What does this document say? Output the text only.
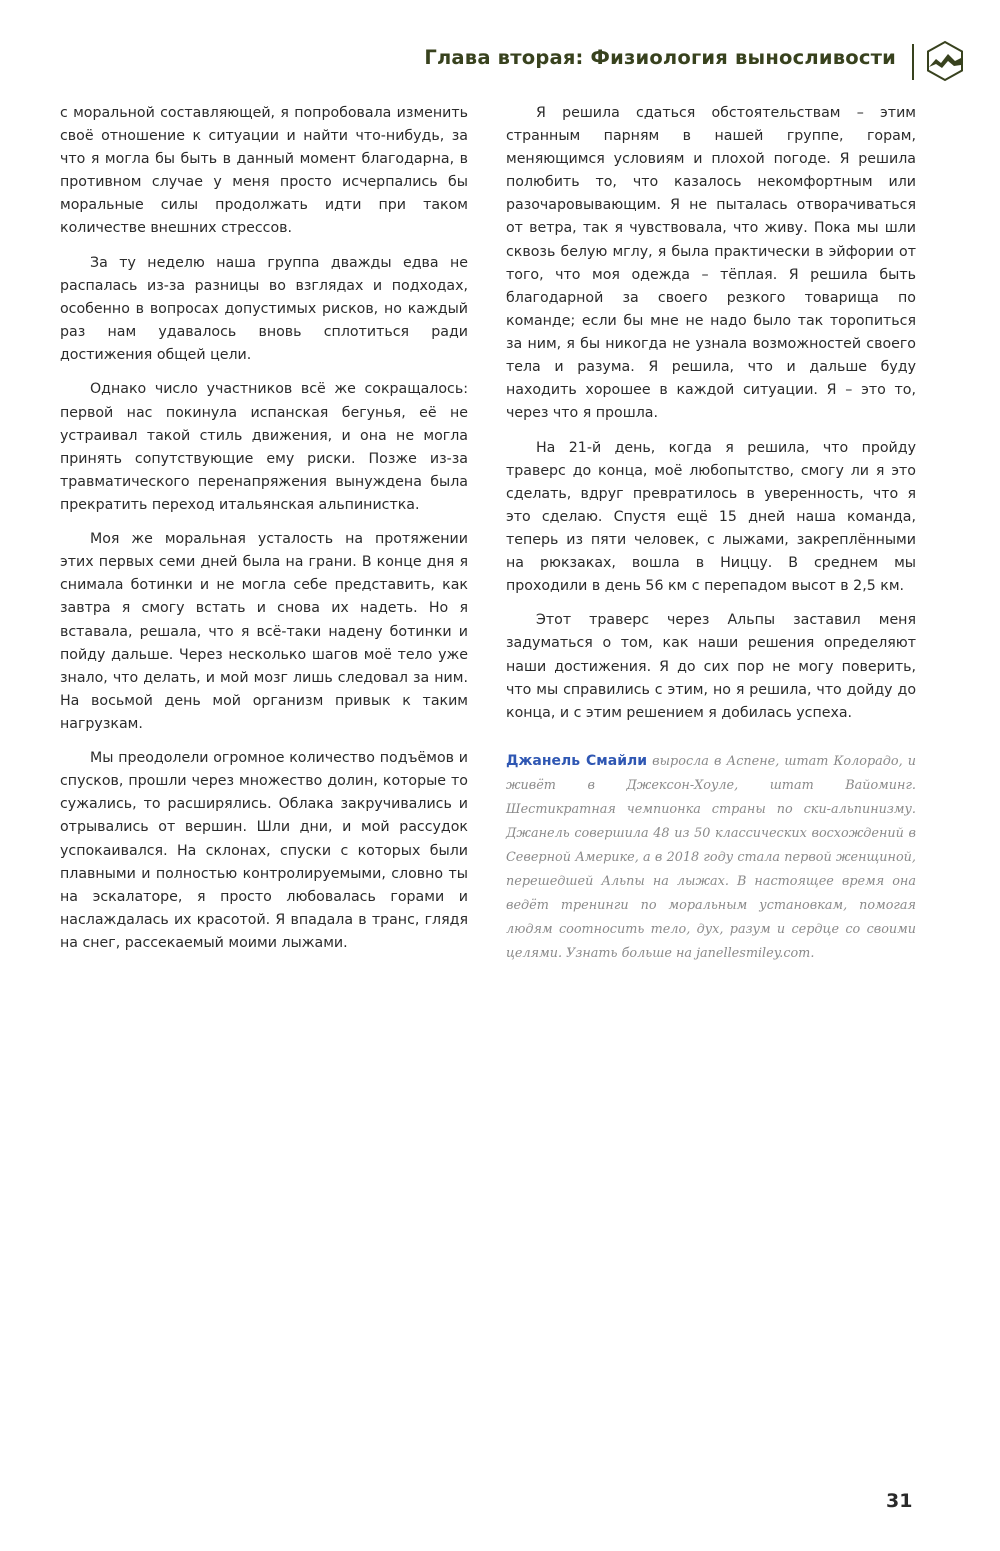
Глава вторая: Физиология выносливости

с моральной составляющей, я попробовала изменить своё отношение к ситуации и найти что-нибудь, за что я могла бы быть в данный момент благодарна, в противном случае у меня просто исчерпались бы моральные силы продолжать идти при таком количестве внешних стрессов.

За ту неделю наша группа дважды едва не распалась из-за разницы во взглядах и подходах, особенно в вопросах допустимых рисков, но каждый раз нам удавалось вновь сплотиться ради достижения общей цели.

Однако число участников всё же сокращалось: первой нас покинула испанская бегунья, её не устраивал такой стиль движения, и она не могла принять сопутствующие ему риски. Позже из-за травматического перенапряжения вынуждена была прекратить переход итальянская альпинистка.

Моя же моральная усталость на протяжении этих первых семи дней была на грани. В конце дня я снимала ботинки и не могла себе представить, как завтра я смогу встать и снова их надеть. Но я вставала, решала, что я всё-таки надену ботинки и пойду дальше. Через несколько шагов моё тело уже знало, что делать, и мой мозг лишь следовал за ним. На восьмой день мой организм привык к таким нагрузкам.

Мы преодолели огромное количество подъёмов и спусков, прошли через множество долин, которые то сужались, то расширялись. Облака закручивались и отрывались от вершин. Шли дни, и мой рассудок успокаивался. На склонах, спуски с которых были плавными и полностью контролируемыми, словно ты на эскалаторе, я просто любовалась горами и наслаждалась их красотой. Я впадала в транс, глядя на снег, рассекаемый моими лыжами.

Я решила сдаться обстоятельствам – этим странным парням в нашей группе, горам, меняющимся условиям и плохой погоде. Я решила полюбить то, что казалось некомфортным или разочаровывающим. Я не пыталась отворачиваться от ветра, так я чувствовала, что живу. Пока мы шли сквозь белую мглу, я была практически в эйфории от того, что моя одежда – тёплая. Я решила быть благодарной за своего резкого товарища по команде; если бы мне не надо было так торопиться за ним, я бы никогда не узнала возможностей своего тела и разума. Я решила, что и дальше буду находить хорошее в каждой ситуации. Я – это то, через что я прошла.

На 21-й день, когда я решила, что пройду траверс до конца, моё любопытство, смогу ли я это сделать, вдруг превратилось в уверенность, что я это сделаю. Спустя ещё 15 дней наша команда, теперь из пяти человек, с лыжами, закреплёнными на рюкзаках, вошла в Ниццу. В среднем мы проходили в день 56 км с перепадом высот в 2,5 км.

Этот траверс через Альпы заставил меня задуматься о том, как наши решения определяют наши достижения. Я до сих пор не могу поверить, что мы справились с этим, но я решила, что дойду до конца, и с этим решением я добилась успеха.

Джанель Смайли выросла в Аспене, штат Колорадо, и живёт в Джексон-Хоуле, штат Вайоминг. Шестикратная чемпионка страны по ски-альпинизму. Джанель совершила 48 из 50 классических восхождений в Северной Америке, а в 2018 году стала первой женщиной, перешедшей Альпы на лыжах. В настоящее время она ведёт тренинги по моральным установкам, помогая людям соотносить тело, дух, разум и сердце со своими целями. Узнать больше на janellesmiley.com.
31
